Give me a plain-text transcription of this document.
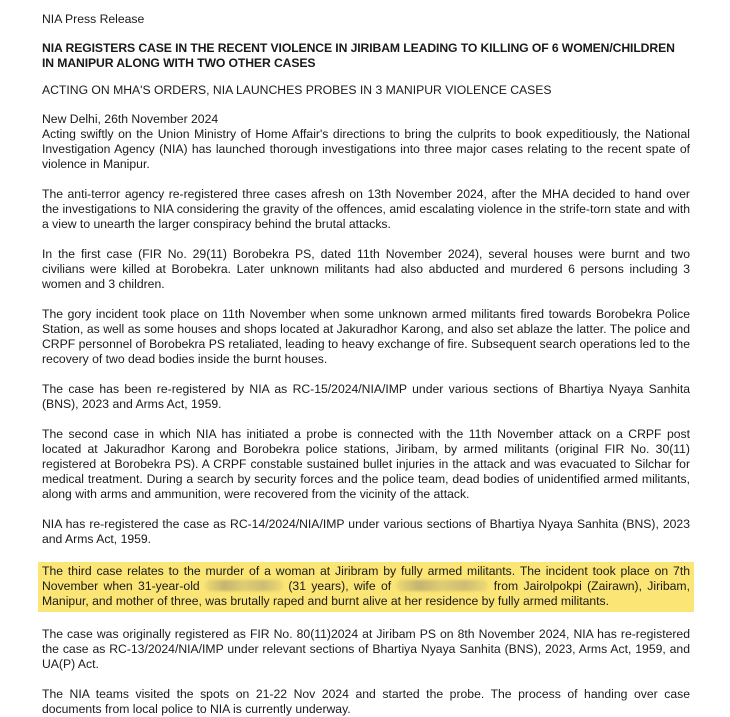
NIA Press Release

NIA REGISTERS CASE IN THE RECENT VIOLENCE IN JIRIBAM LEADING TO KILLING OF 6 WOMEN/CHILDREN IN MANIPUR ALONG WITH TWO OTHER CASES

ACTING ON MHA'S ORDERS, NIA LAUNCHES PROBES IN 3 MANIPUR VIOLENCE CASES

New Delhi, 26th November 2024

Acting swiftly on the Union Ministry of Home Affair's directions to bring the culprits to book expeditiously, the National Investigation Agency (NIA) has launched thorough investigations into three major cases relating to the recent spate of violence in Manipur.

The anti-terror agency re-registered three cases afresh on 13th November 2024, after the MHA decided to hand over the investigations to NIA considering the gravity of the offences, amid escalating violence in the strife-torn state and with a view to unearth the larger conspiracy behind the brutal attacks.

In the first case (FIR No. 29(11) Borobekra PS, dated 11th November 2024), several houses were burnt and two civilians were killed at Borobekra. Later unknown militants had also abducted and murdered 6 persons including 3 women and 3 children.

The gory incident took place on 11th November when some unknown armed militants fired towards Borobekra Police Station, as well as some houses and shops located at Jakuradhor Karong, and also set ablaze the latter. The police and CRPF personnel of Borobekra PS retaliated, leading to heavy exchange of fire. Subsequent search operations led to the recovery of two dead bodies inside the burnt houses.

The case has been re-registered by NIA as RC-15/2024/NIA/IMP under various sections of Bhartiya Nyaya Sanhita (BNS), 2023 and Arms Act, 1959.

The second case in which NIA has initiated a probe is connected with the 11th November attack on a CRPF post located at Jakuradhor Karong and Borobekra police stations, Jiribam, by armed militants (original FIR No. 30(11) registered at Borobekra PS). A CRPF constable sustained bullet injuries in the attack and was evacuated to Silchar for medical treatment. During a search by security forces and the police team, dead bodies of unidentified armed militants, along with arms and ammunition, were recovered from the vicinity of the attack.

NIA has re-registered the case as RC-14/2024/NIA/IMP under various sections of Bhartiya Nyaya Sanhita (BNS), 2023 and Arms Act, 1959.

The third case relates to the murder of a woman at Jiribram by fully armed militants. The incident took place on 7th November when 31-year-old	(31 years), wife of	from Jairolpokpi (Zairawn), Jiribam, Manipur, and mother of three, was brutally raped and burnt alive at her residence by fully armed militants.

The case was originally registered as FIR No. 80(11)2024 at Jiribam PS on 8th November 2024, NIA has re-registered the case as RC-13/2024/NIA/IMP under relevant sections of Bhartiya Nyaya Sanhita (BNS), 2023, Arms Act, 1959, and UA(P) Act.

The NIA teams visited the spots on 21-22 Nov 2024 and started the probe. The process of handing over case documents from local police to NIA is currently underway.
